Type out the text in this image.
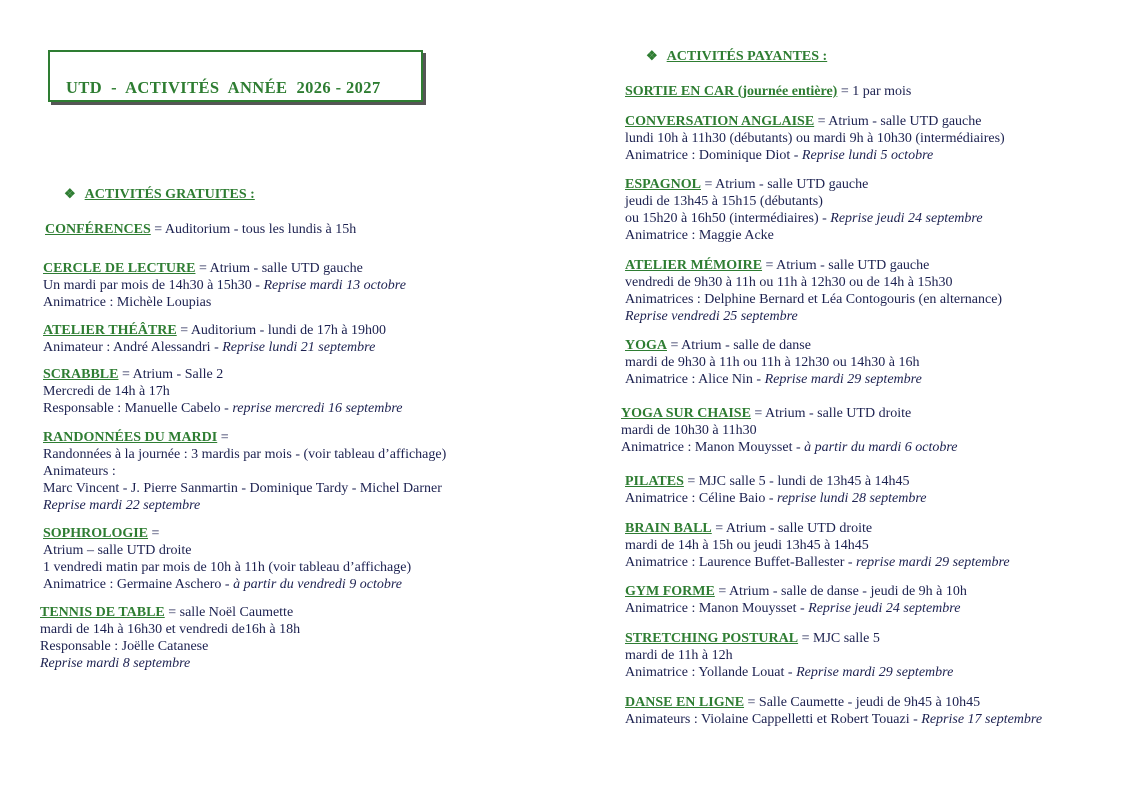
UTD  -  ACTIVITÉS  ANNÉE  2026 - 2027
❖ ACTIVITÉS GRATUITES :
❖ ACTIVITÉS PAYANTES :
CONFÉRENCES = Auditorium - tous les lundis à 15h
CERCLE DE LECTURE = Atrium - salle UTD gauche
Un mardi par mois de 14h30 à 15h30 - Reprise mardi 13 octobre
Animatrice : Michèle Loupias
ATELIER THÉÂTRE = Auditorium - lundi de 17h à 19h00
Animateur : André Alessandri - Reprise lundi 21 septembre
SCRABBLE = Atrium - Salle 2
Mercredi de 14h à 17h
Responsable : Manuelle Cabelo - reprise mercredi 16 septembre
RANDONNÉES DU MARDI =
Randonnées à la journée : 3 mardis par mois - (voir tableau d’affichage)
Animateurs :
Marc Vincent - J. Pierre Sanmartin - Dominique Tardy - Michel Darner
Reprise mardi 22 septembre
SOPHROLOGIE =
Atrium – salle UTD droite
1 vendredi matin par mois de 10h à 11h (voir tableau d’affichage)
Animatrice : Germaine Aschero - à partir du vendredi 9 octobre
TENNIS DE TABLE = salle Noël Caumette
mardi de 14h à 16h30 et vendredi de16h à 18h
Responsable : Joëlle Catanese
Reprise mardi 8 septembre
SORTIE EN CAR (journée entière) = 1 par mois
CONVERSATION ANGLAISE = Atrium - salle UTD gauche
lundi 10h à 11h30 (débutants) ou mardi 9h à 10h30 (intermédiaires)
Animatrice : Dominique Diot - Reprise lundi 5 octobre
ESPAGNOL = Atrium - salle UTD gauche
jeudi de 13h45 à 15h15 (débutants)
ou 15h20 à 16h50 (intermédiaires) - Reprise jeudi 24 septembre
Animatrice : Maggie Acke
ATELIER MÉMOIRE = Atrium - salle UTD gauche
vendredi de 9h30 à 11h ou 11h à 12h30 ou de 14h à 15h30
Animatrices : Delphine Bernard et Léa Contogouris (en alternance)
Reprise vendredi 25 septembre
YOGA = Atrium - salle de danse
mardi de 9h30 à 11h ou 11h à 12h30 ou 14h30 à 16h
Animatrice : Alice Nin - Reprise mardi 29 septembre
YOGA SUR CHAISE = Atrium - salle UTD droite
mardi de 10h30 à 11h30
Animatrice : Manon Mouysset - à partir du mardi 6 octobre
PILATES = MJC salle 5 - lundi de 13h45 à 14h45
Animatrice : Céline Baio - reprise lundi 28 septembre
BRAIN BALL = Atrium - salle UTD droite
mardi de 14h à 15h ou jeudi 13h45 à 14h45
Animatrice : Laurence Buffet-Ballester - reprise mardi 29 septembre
GYM FORME = Atrium - salle de danse - jeudi de 9h à 10h
Animatrice : Manon Mouysset - Reprise jeudi 24 septembre
STRETCHING POSTURAL = MJC salle 5
mardi de 11h à 12h
Animatrice : Yollande Louat - Reprise mardi 29 septembre
DANSE EN LIGNE = Salle Caumette - jeudi de 9h45 à 10h45
Animateurs : Violaine Cappelletti et Robert Touazi - Reprise 17 septembre
